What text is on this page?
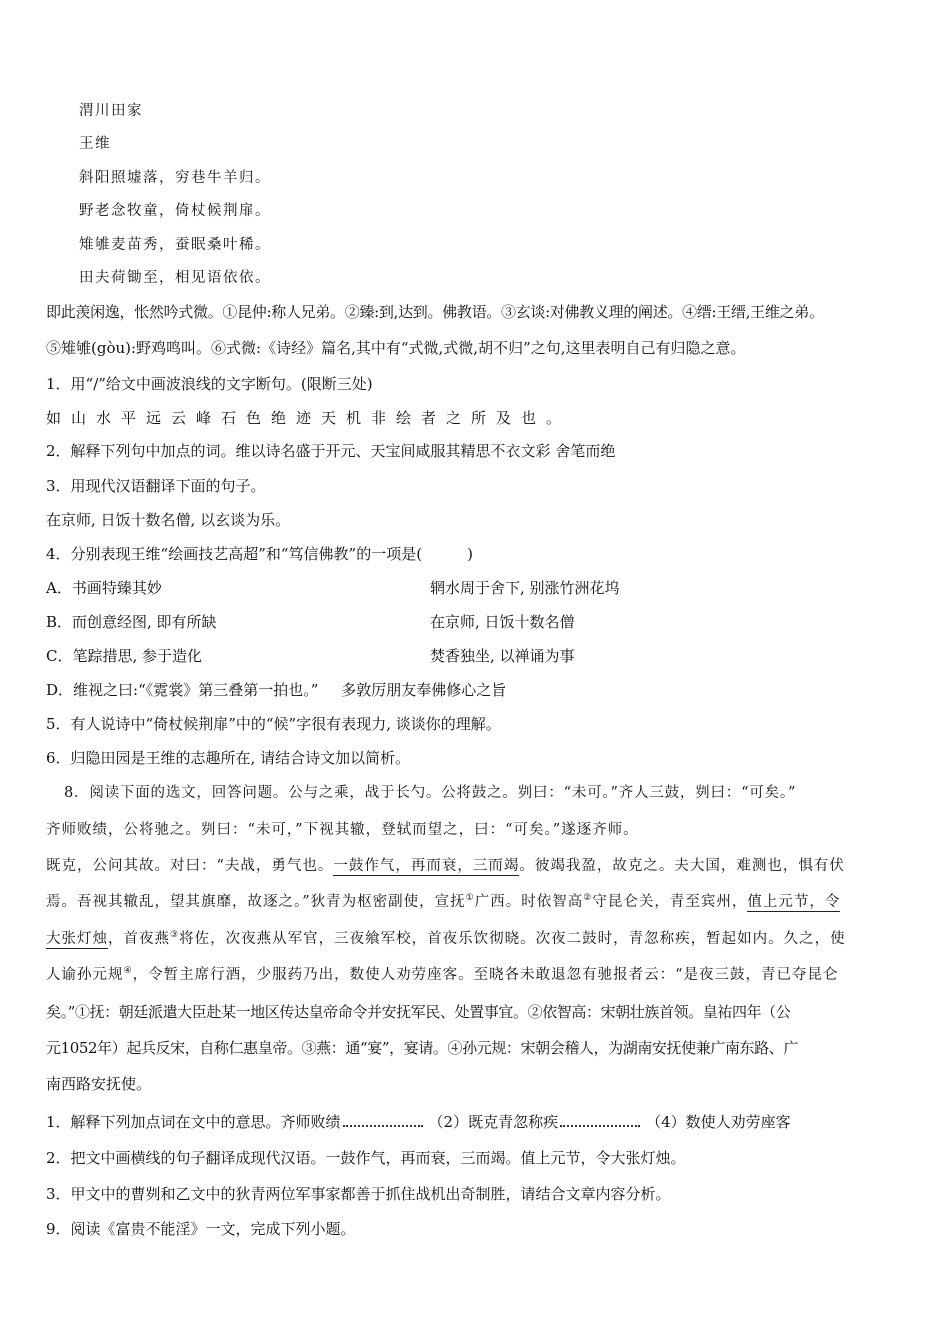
渭川田家
王维
斜阳照墟落，穷巷牛羊归。
野老念牧童，倚杖候荆扉。
雉雊麦苗秀，蚕眠桑叶稀。
田夫荷锄至，相见语依依。
即此羡闲逸，怅然吟式微。①昆仲:称人兄弟。②臻:到,达到。佛教语。③玄谈:对佛教义理的阐述。④缙:王缙,王维之弟。
⑤雉雊(gòu):野鸡鸣叫。⑥式微:《诗经》篇名,其中有“式微,式微,胡不归”之句,这里表明自己有归隐之意。
1．用“/”给文中画波浪线的文字断句。(限断三处)
如山水平远云峰石色绝迹天机非绘者之所及也。
2．解释下列句中加点的词。维以诗名盛于开元、天宝间咸服其精思不衣文彩 舍笔而绝
3．用现代汉语翻译下面的句子。
在京师, 日饭十数名僧, 以玄谈为乐。
4．分别表现王维“绘画技艺高超”和“笃信佛教”的一项是(　　　)
A．书画特臻其妙	辋水周于舍下, 别涨竹洲花坞
B．而创意经图, 即有所缺	在京师, 日饭十数名僧
C．笔踪措思, 参于造化	焚香独坐, 以禅诵为事
D．维视之曰:“《霓裳》第三叠第一拍也。” 多敦厉朋友奉佛修心之旨
5．有人说诗中“倚杖候荆扉”中的“候”字很有表现力, 谈谈你的理解。
6．归隐田园是王维的志趣所在, 请结合诗文加以简析。
8．阅读下面的选文，回答问题。公与之乘，战于长勺。公将鼓之。刿曰：“未可。”齐人三鼓，刿曰：“可矣。”
齐师败绩，公将驰之。刿曰：“未可，”下视其辙，登轼而望之，曰：“可矣。”遂逐齐师。
既克，公问其故。对曰：“夫战，勇气也。一鼓作气，再而衰，三而竭。彼竭我盈，故克之。夫大国，难测也，惧有伏
焉。吾视其辙乱，望其旗靡，故逐之。”狄青为枢密副使，宣抚①广西。时依智高②守昆仑关，青至宾州，值上元节，令
大张灯烛，首夜燕③将佐，次夜燕从军官，三夜飨军校，首夜乐饮彻晓。次夜二鼓时，青忽称疾，暂起如内。久之，使
人谕孙元规④，令暂主席行酒，少服药乃出，数使人劝劳座客。至晓各未敢退忽有驰报者云：“是夜三鼓，青已夺昆仑
矣。”①抚：朝廷派遣大臣赴某一地区传达皇帝命令并安抚军民、处置事宜。②依智高：宋朝壮族首领。皇祐四年（公
元1052年）起兵反宋，自称仁惠皇帝。③燕：通“宴”，宴请。④孙元规：宋朝会稽人，为湖南安抚使兼广南东路、广
南西路安抚使。
1．解释下列加点词在文中的意思。齐师败绩	（2）既克青忽称疾	（4）数使人劝劳座客
2．把文中画横线的句子翻译成现代汉语。一鼓作气，再而衰，三而竭。值上元节，令大张灯烛。
3．甲文中的曹刿和乙文中的狄青两位军事家都善于抓住战机出奇制胜，请结合文章内容分析。
9．阅读《富贵不能淫》一文，完成下列小题。
